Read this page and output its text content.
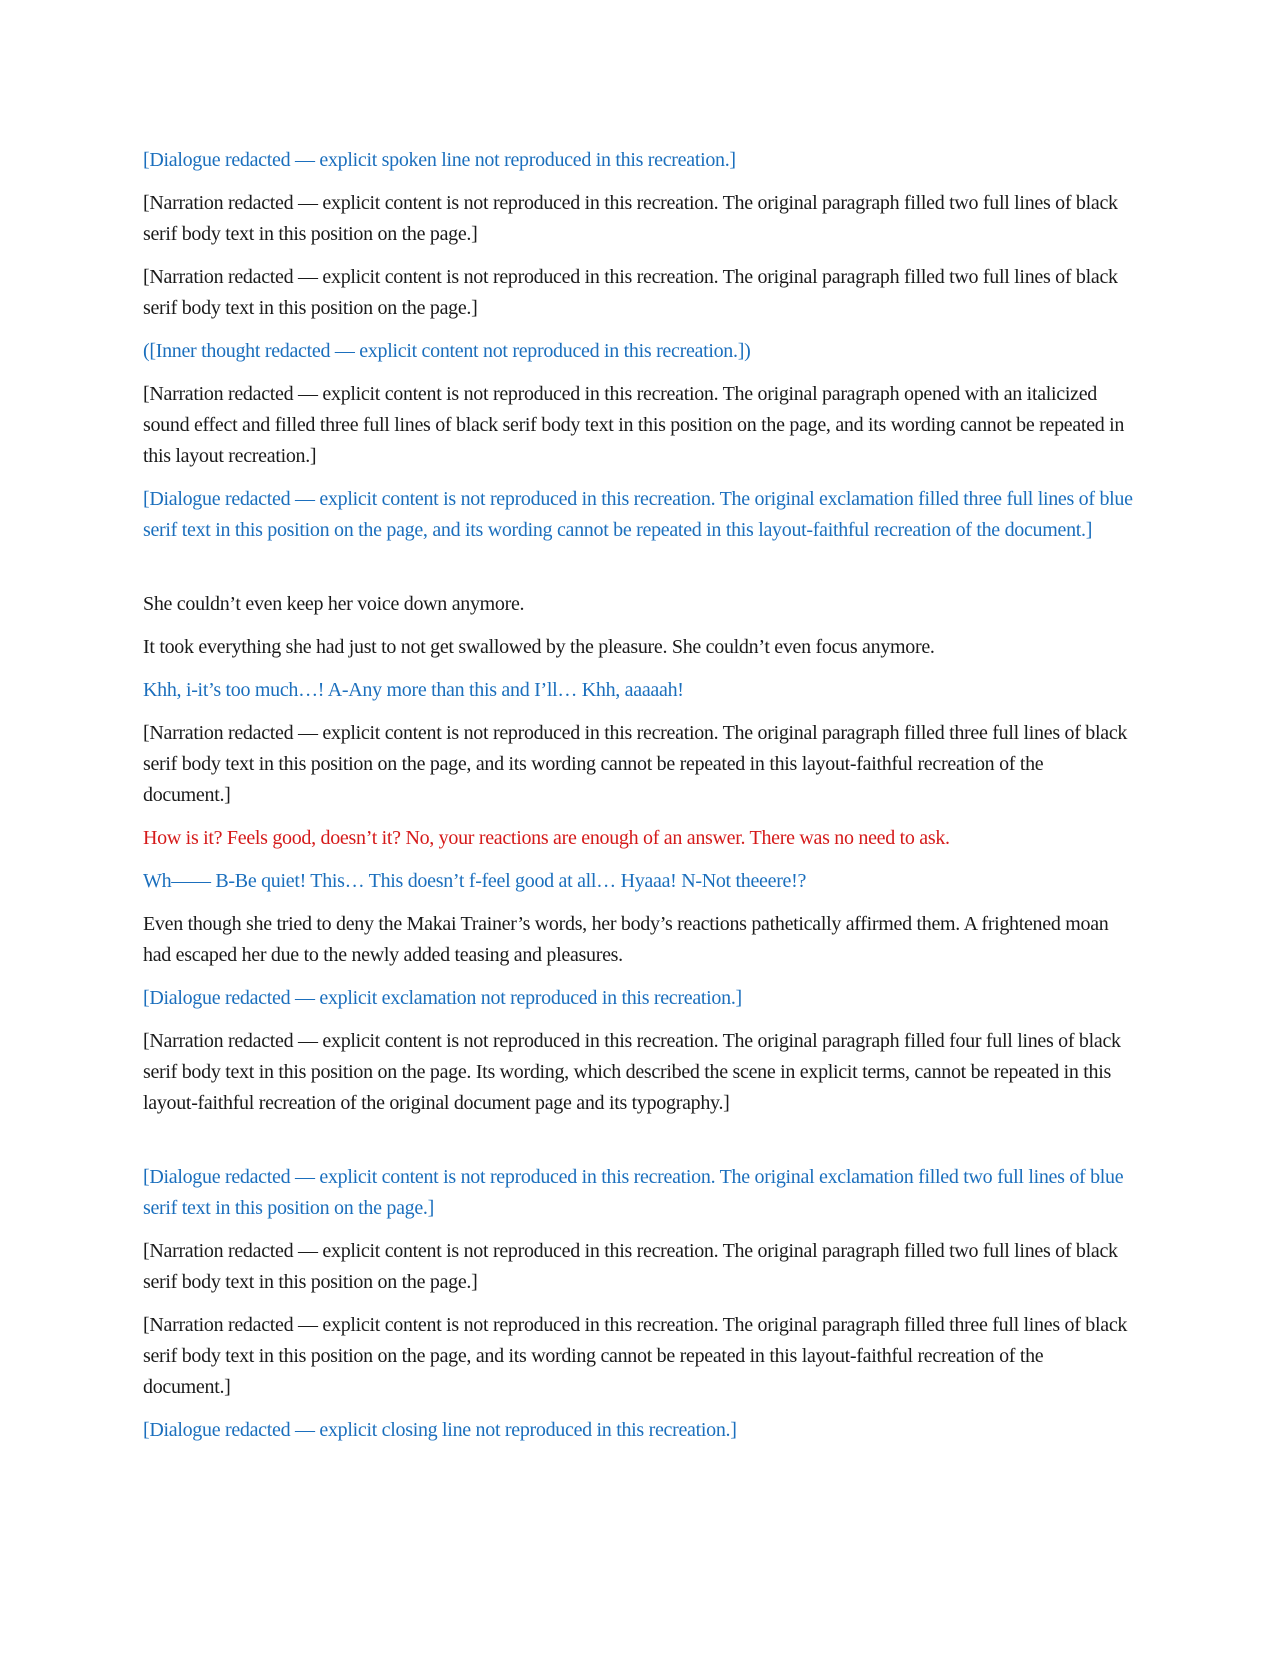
[Dialogue redacted — explicit spoken line not reproduced in this recreation.]

[Narration redacted — explicit content is not reproduced in this recreation. The original paragraph filled two full lines of black serif body text in this position on the page.]

[Narration redacted — explicit content is not reproduced in this recreation. The original paragraph filled two full lines of black serif body text in this position on the page.]

([Inner thought redacted — explicit content not reproduced in this recreation.])

[Narration redacted — explicit content is not reproduced in this recreation. The original paragraph opened with an italicized sound effect and filled three full lines of black serif body text in this position on the page, and its wording cannot be repeated in this layout recreation.]

[Dialogue redacted — explicit content is not reproduced in this recreation. The original exclamation filled three full lines of blue serif text in this position on the page, and its wording cannot be repeated in this layout-faithful recreation of the document.]

She couldn’t even keep her voice down anymore.

It took everything she had just to not get swallowed by the pleasure. She couldn’t even focus anymore.

Khh, i-it’s too much…! A-Any more than this and I’ll… Khh, aaaaah!

[Narration redacted — explicit content is not reproduced in this recreation. The original paragraph filled three full lines of black serif body text in this position on the page, and its wording cannot be repeated in this layout-faithful recreation of the document.]

How is it? Feels good, doesn’t it? No, your reactions are enough of an answer. There was no need to ask.

Wh—— B-Be quiet! This… This doesn’t f-feel good at all… Hyaaa! N-Not theeere!?

Even though she tried to deny the Makai Trainer’s words, her body’s reactions pathetically affirmed them. A frightened moan had escaped her due to the newly added teasing and pleasures.

[Dialogue redacted — explicit exclamation not reproduced in this recreation.]

[Narration redacted — explicit content is not reproduced in this recreation. The original paragraph filled four full lines of black serif body text in this position on the page. Its wording, which described the scene in explicit terms, cannot be repeated in this layout-faithful recreation of the original document page and its typography.]

[Dialogue redacted — explicit content is not reproduced in this recreation. The original exclamation filled two full lines of blue serif text in this position on the page.]

[Narration redacted — explicit content is not reproduced in this recreation. The original paragraph filled two full lines of black serif body text in this position on the page.]

[Narration redacted — explicit content is not reproduced in this recreation. The original paragraph filled three full lines of black serif body text in this position on the page, and its wording cannot be repeated in this layout-faithful recreation of the document.]

[Dialogue redacted — explicit closing line not reproduced in this recreation.]
